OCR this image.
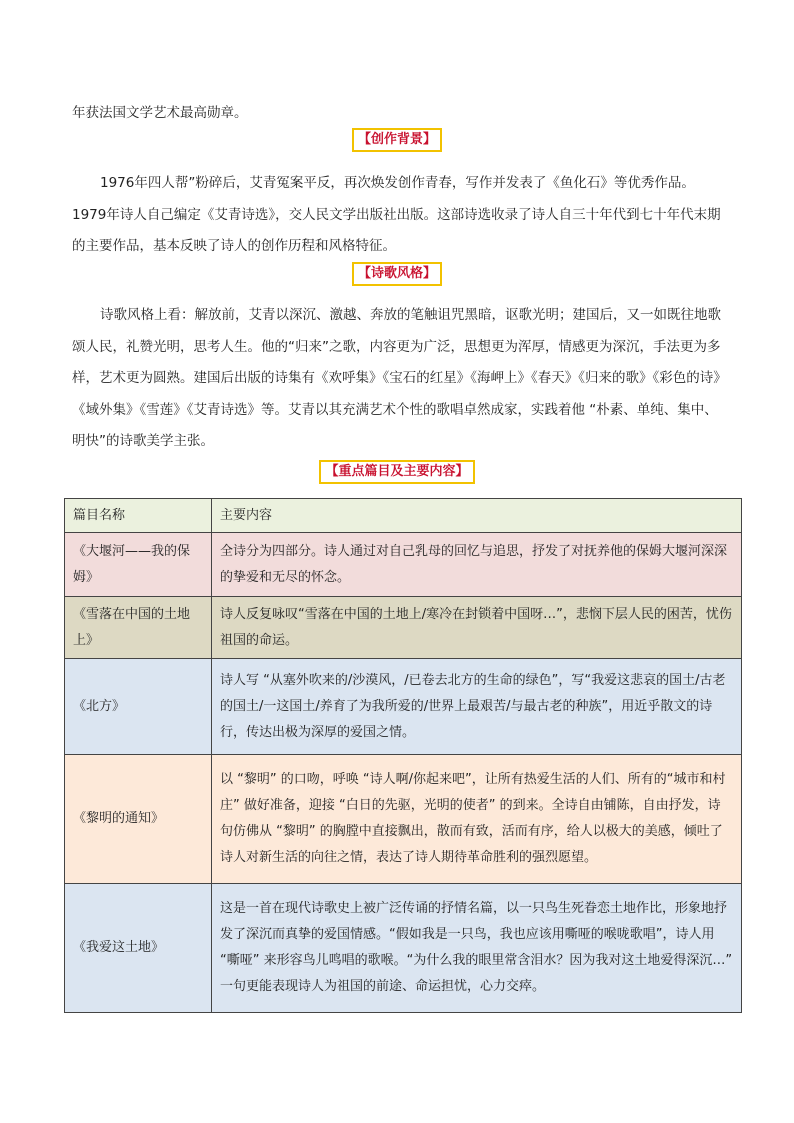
年获法国文学艺术最高勋章。

【创作背景】

1976年四人帮”粉碎后，艾青冤案平反，再次焕发创作青春，写作并发表了《鱼化石》等优秀作品。1979年诗人自己编定《艾青诗选》，交人民文学出版社出版。这部诗选收录了诗人自三十年代到七十年代末期的主要作品，基本反映了诗人的创作历程和风格特征。

【诗歌风格】

诗歌风格上看：解放前，艾青以深沉、激越、奔放的笔触诅咒黑暗，讴歌光明；建国后，又一如既往地歌颂人民，礼赞光明，思考人生。他的“归来”之歌，内容更为广泛，思想更为浑厚，情感更为深沉，手法更为多样，艺术更为圆熟。建国后出版的诗集有《欢呼集》《宝石的红星》《海岬上》《春天》《归来的歌》《彩色的诗》《域外集》《雪莲》《艾青诗选》等。艾青以其充满艺术个性的歌唱卓然成家，实践着他 “朴素、单纯、集中、明快”的诗歌美学主张。

【重点篇目及主要内容】
篇目名称	主要内容
《大堰河——我的保姆》	全诗分为四部分。诗人通过对自己乳母的回忆与追思，抒发了对抚养他的保姆大堰河深深的挚爱和无尽的怀念。
《雪落在中国的土地上》	诗人反复咏叹“雪落在中国的土地上/寒冷在封锁着中国呀…”，悲悯下层人民的困苦，忧伤祖国的命运。
《北方》	诗人写 “从塞外吹来的/沙漠风，/已卷去北方的生命的绿色”，写“我爱这悲哀的国土/古老的国土/一这国土/养育了为我所爱的/世界上最艰苦/与最古老的种族”，用近乎散文的诗行，传达出极为深厚的爱国之情。
《黎明的通知》	以 “黎明” 的口吻，呼唤 “诗人啊/你起来吧”，让所有热爱生活的人们、所有的“城市和村庄” 做好准备，迎接 “白日的先驱，光明的使者” 的到来。全诗自由铺陈，自由抒发，诗句仿佛从 “黎明” 的胸膛中直接飘出，散而有致，活而有序，给人以极大的美感，倾吐了诗人对新生活的向往之情，表达了诗人期待革命胜利的强烈愿望。
《我爱这土地》	这是一首在现代诗歌史上被广泛传诵的抒情名篇，以一只鸟生死眷恋土地作比，形象地抒发了深沉而真挚的爱国情感。“假如我是一只鸟，我也应该用嘶哑的喉咙歌唱”，诗人用 “嘶哑” 来形容鸟儿鸣唱的歌喉。“为什么我的眼里常含泪水？因为我对这土地爱得深沉…” 一句更能表现诗人为祖国的前途、命运担忧，心力交瘁。
